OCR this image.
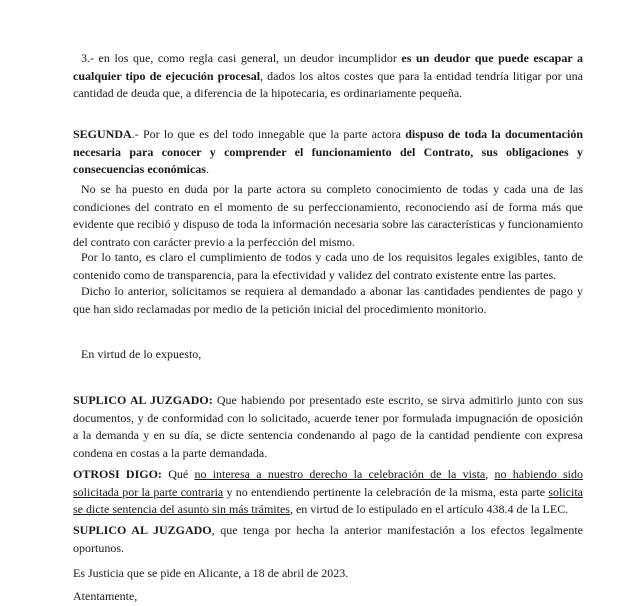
3.- en los que, como regla casi general, un deudor incumplidor es un deudor que puede escapar a cualquier tipo de ejecución procesal, dados los altos costes que para la entidad tendría litigar por una cantidad de deuda que, a diferencia de la hipotecaria, es ordinariamente pequeña.

SEGUNDA.- Por lo que es del todo innegable que la parte actora dispuso de toda la documentación necesaria para conocer y comprender el funcionamiento del Contrato, sus obligaciones y consecuencias económicas.

No se ha puesto en duda por la parte actora su completo conocimiento de todas y cada una de las condiciones del contrato en el momento de su perfeccionamiento, reconociendo así de forma más que evidente que recibió y dispuso de toda la información necesaria sobre las características y funcionamiento del contrato con carácter previo a la perfección del mismo.

Por lo tanto, es claro el cumplimiento de todos y cada uno de los requisitos legales exigibles, tanto de contenido como de transparencia, para la efectividad y validez del contrato existente entre las partes.

Dicho lo anterior, solicitamos se requiera al demandado a abonar las cantidades pendientes de pago y que han sido reclamadas por medio de la petición inicial del procedimiento monitorio.

En virtud de lo expuesto,

SUPLICO AL JUZGADO: Que habiendo por presentado este escrito, se sirva admitirlo junto con sus documentos, y de conformidad con lo solicitado, acuerde tener por formulada impugnación de oposición a la demanda y en su día, se dicte sentencia condenando al pago de la cantidad pendiente con expresa condena en costas a la parte demandada.

OTROSI DIGO: Qué no interesa a nuestro derecho la celebración de la vista, no habiendo sido solicitada por la parte contraria y no entendiendo pertinente la celebración de la misma, esta parte solicita se dicte sentencia del asunto sin más trámites, en virtud de lo estipulado en el artículo 438.4 de la LEC.

SUPLICO AL JUZGADO, que tenga por hecha la anterior manifestación a los efectos legalmente oportunos.

Es Justicia que se pide en Alicante, a 18 de abril de 2023.

Atentamente,
